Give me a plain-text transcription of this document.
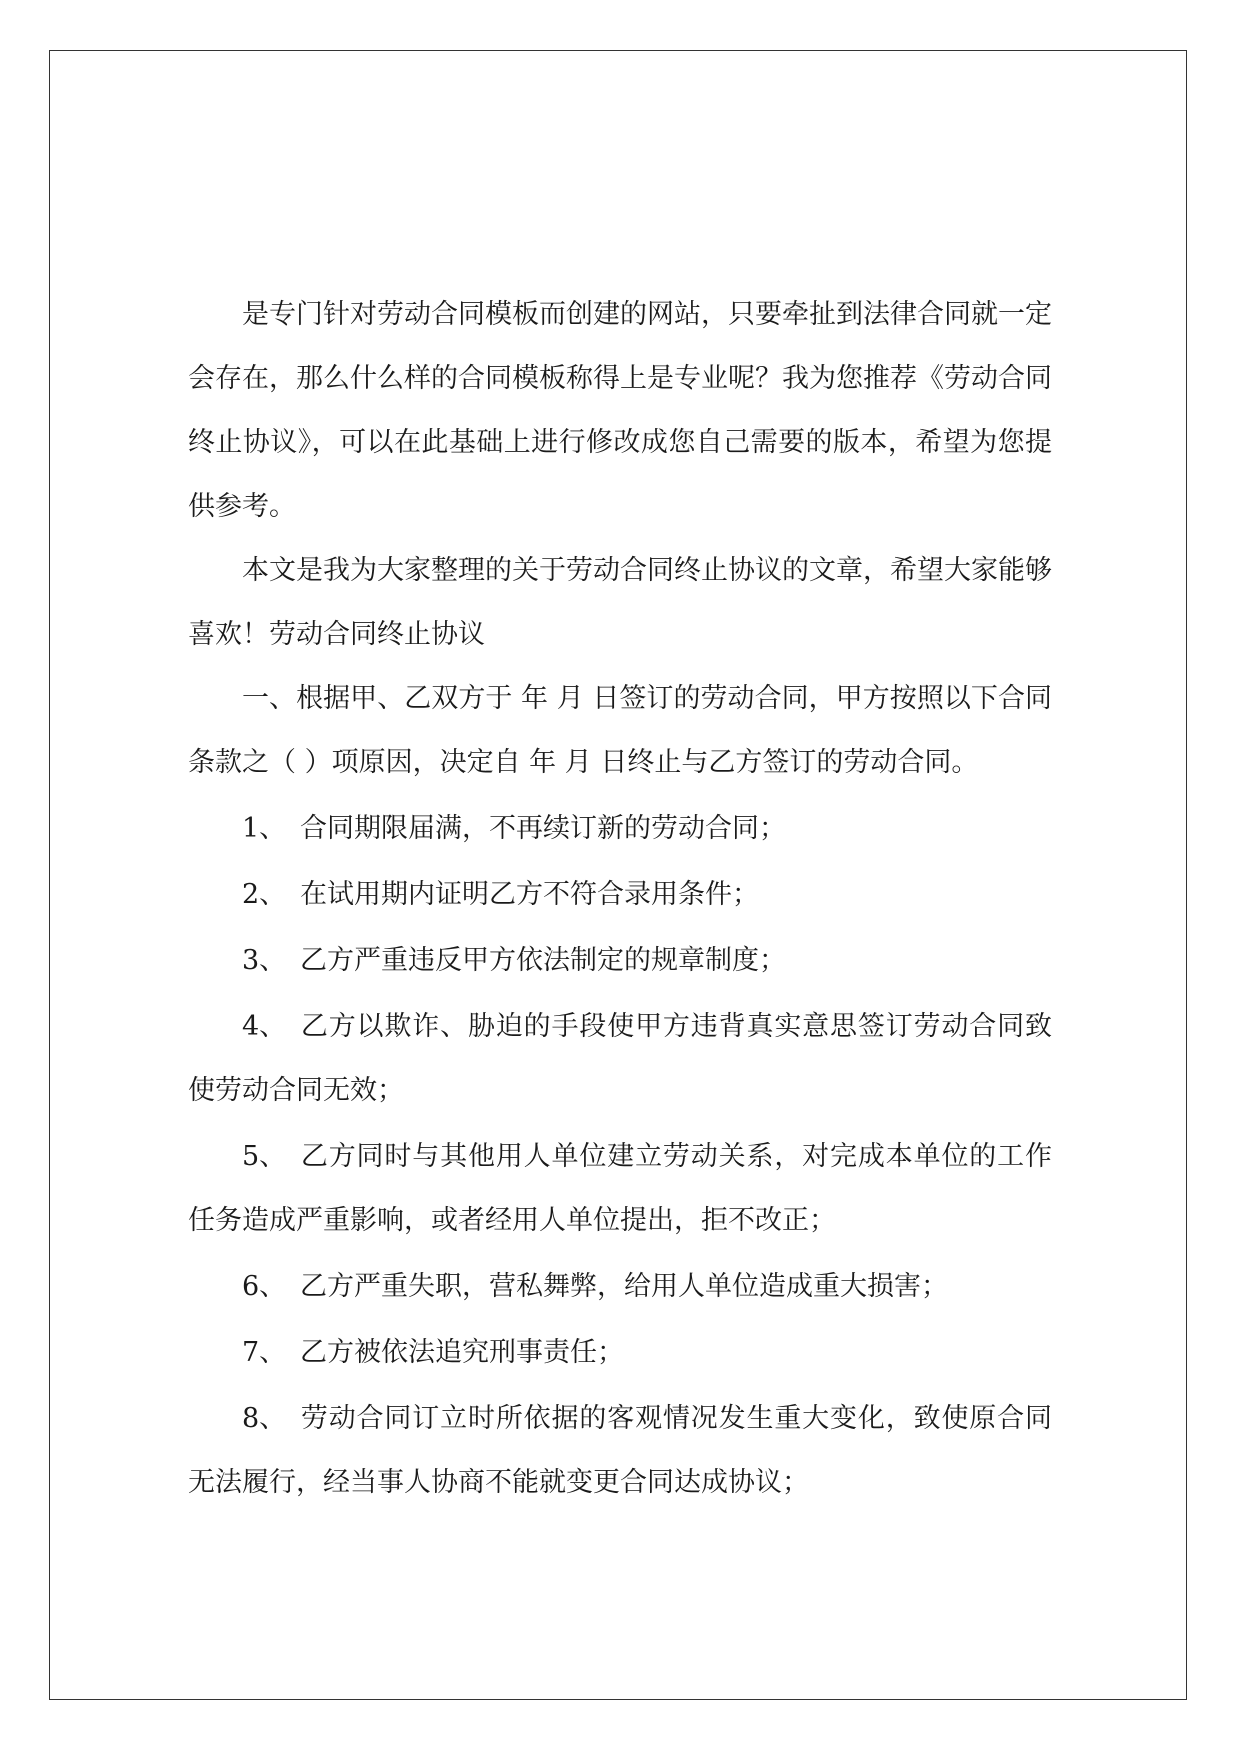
是专门针对劳动合同模板而创建的网站，只要牵扯到法律合同就一定会存在，那么什么样的合同模板称得上是专业呢？我为您推荐《劳动合同终止协议》，可以在此基础上进行修改成您自己需要的版本，希望为您提供参考。

本文是我为大家整理的关于劳动合同终止协议的文章，希望大家能够喜欢！劳动合同终止协议

一、根据甲、乙双方于 年 月 日签订的劳动合同，甲方按照以下合同条款之（ ）项原因，决定自 年 月 日终止与乙方签订的劳动合同。

1、 合同期限届满，不再续订新的劳动合同；

2、 在试用期内证明乙方不符合录用条件；

3、 乙方严重违反甲方依法制定的规章制度；

4、 乙方以欺诈、胁迫的手段使甲方违背真实意思签订劳动合同致使劳动合同无效；

5、 乙方同时与其他用人单位建立劳动关系，对完成本单位的工作任务造成严重影响，或者经用人单位提出，拒不改正；

6、 乙方严重失职，营私舞弊，给用人单位造成重大损害；

7、 乙方被依法追究刑事责任；

8、 劳动合同订立时所依据的客观情况发生重大变化，致使原合同无法履行，经当事人协商不能就变更合同达成协议；
